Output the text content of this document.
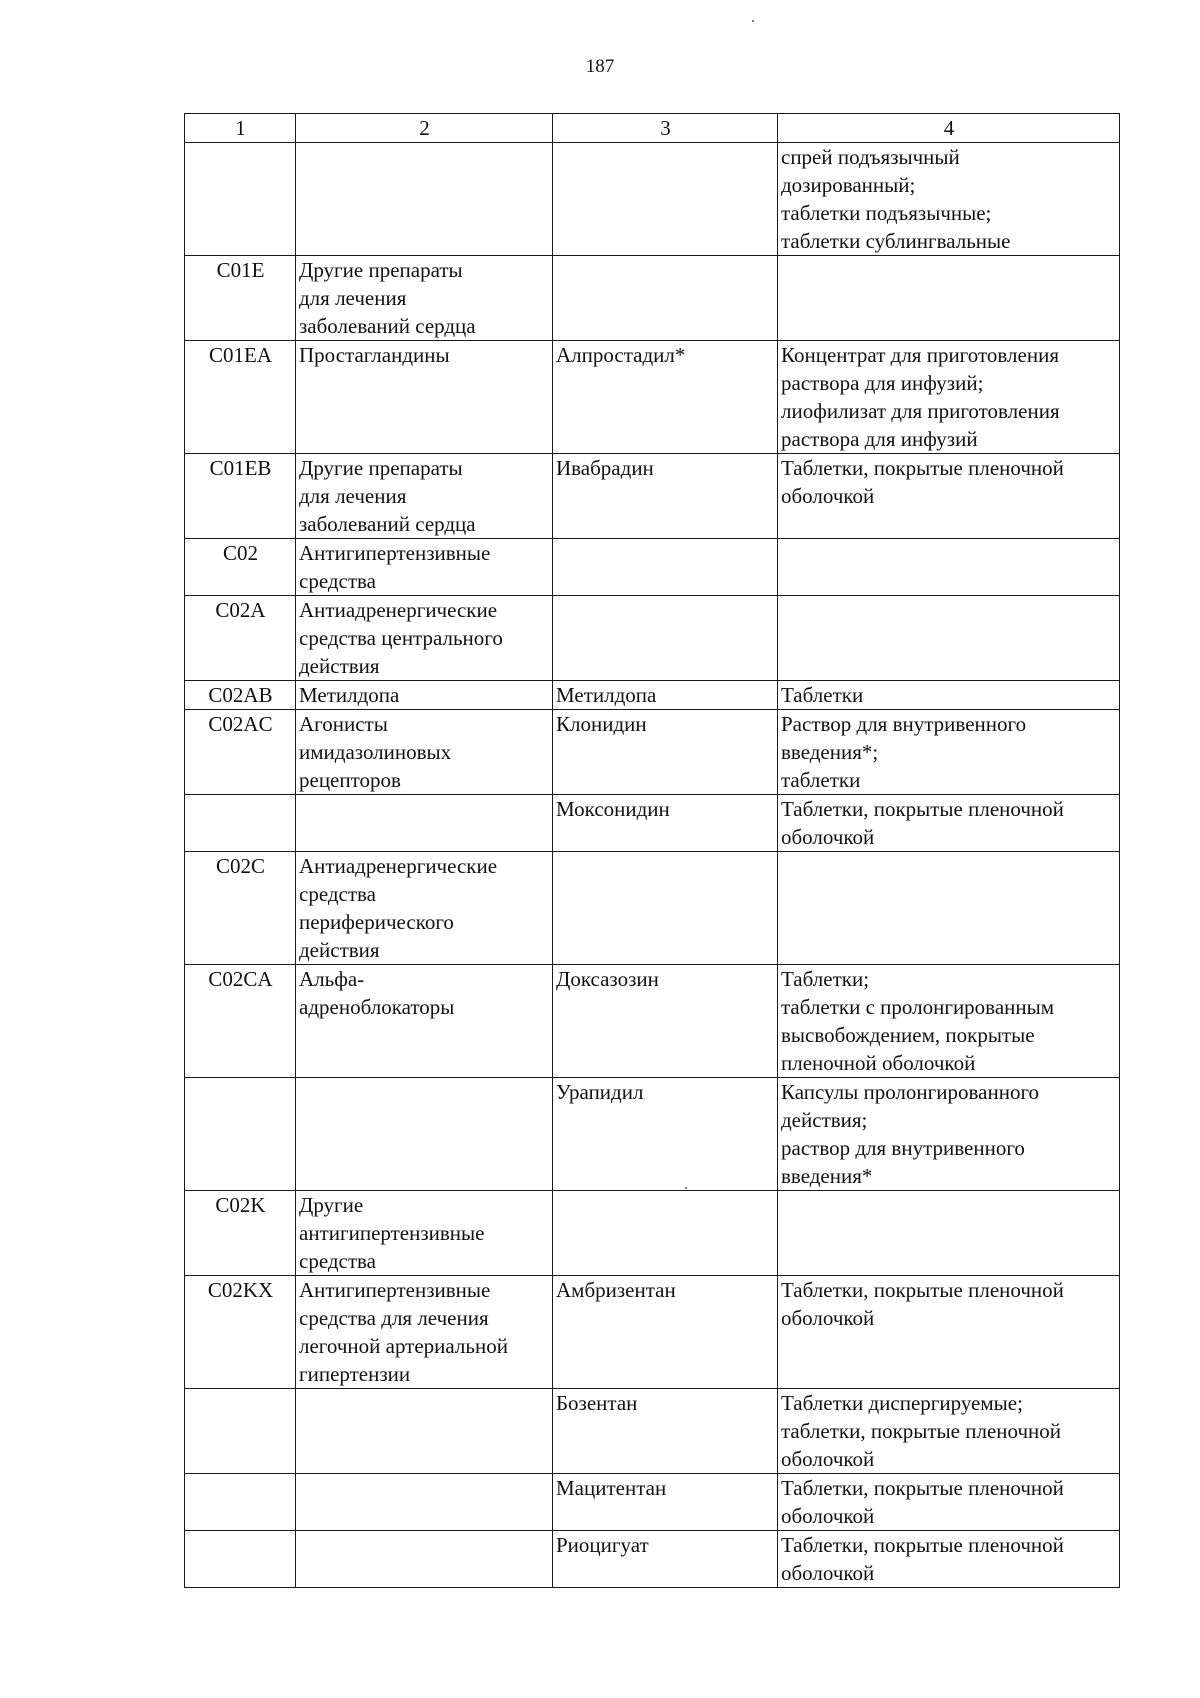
187
1	2	3	4
			спрей подъязычный
дозированный;
таблетки подъязычные;
таблетки сублингвальные
C01E	Другие препараты
для лечения
заболеваний сердца		
C01EA	Простагландины	Алпростадил*	Концентрат для приготовления
раствора для инфузий;
лиофилизат для приготовления
раствора для инфузий
C01EB	Другие препараты
для лечения
заболеваний сердца	Ивабрадин	Таблетки, покрытые пленочной
оболочкой
C02	Антигипертензивные
средства		
C02A	Антиадренергические
средства центрального
действия		
C02AB	Метилдопа	Метилдопа	Таблетки
C02AC	Агонисты
имидазолиновых
рецепторов	Клонидин	Раствор для внутривенного
введения*;
таблетки
		Моксонидин	Таблетки, покрытые пленочной
оболочкой
C02C	Антиадренергические
средства
периферического
действия		
C02CA	Альфа-
адреноблокаторы	Доксазозин	Таблетки;
таблетки с пролонгированным
высвобождением, покрытые
пленочной оболочкой
		Урапидил	Капсулы пролонгированного
действия;
раствор для внутривенного
введения*
C02K	Другие
антигипертензивные
средства		
C02KX	Антигипертензивные
средства для лечения
легочной артериальной
гипертензии	Амбризентан	Таблетки, покрытые пленочной
оболочкой
		Бозентан	Таблетки диспергируемые;
таблетки, покрытые пленочной
оболочкой
		Мацитентан	Таблетки, покрытые пленочной
оболочкой
		Риоцигуат	Таблетки, покрытые пленочной
оболочкой
